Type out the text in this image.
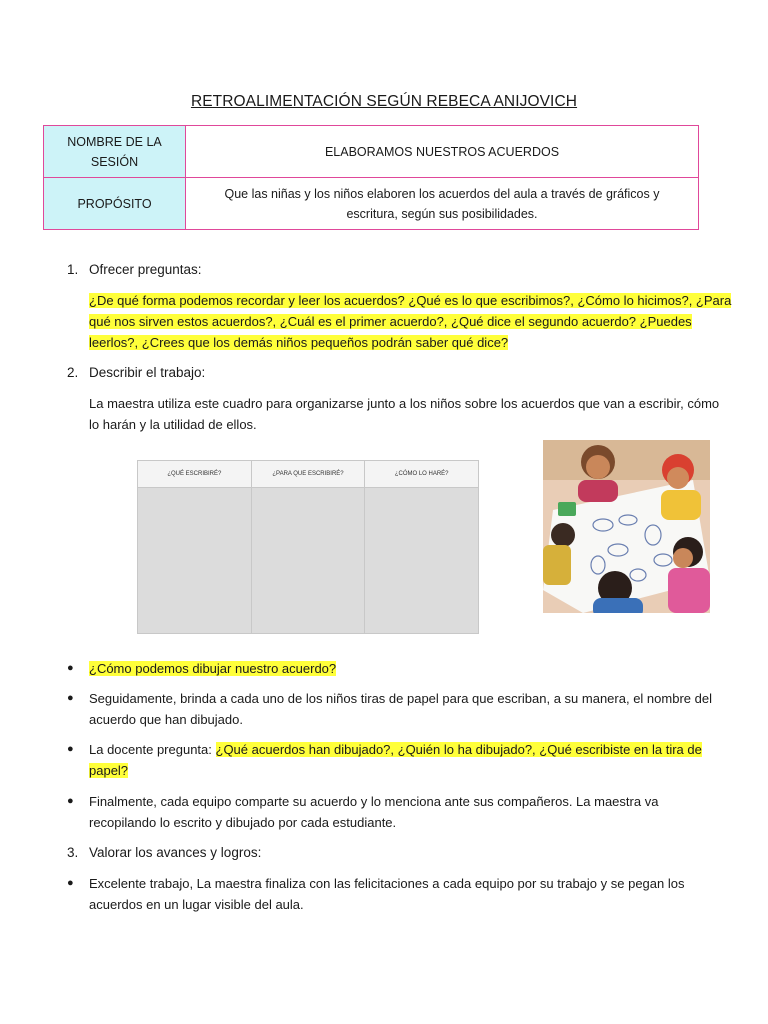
RETROALIMENTACIÓN SEGÚN REBECA ANIJOVICH
NOMBRE DE LA
SESIÓN	ELABORAMOS NUESTROS ACUERDOS
PROPÓSITO	Que las niñas y los niños elaboren los acuerdos del aula a través de gráficos y
escritura, según sus posibilidades.
1. Ofrecer preguntas:
¿De qué forma podemos recordar y leer los acuerdos? ¿Qué es lo que escribimos?, ¿Cómo lo hicimos?, ¿Para
qué nos sirven estos acuerdos?, ¿Cuál es el primer acuerdo?, ¿Qué dice el segundo acuerdo? ¿Puedes
leerlos?, ¿Crees que los demás niños pequeños podrán saber qué dice?
2. Describir el trabajo:
La maestra utiliza este cuadro para organizarse junto a los niños sobre los acuerdos que van a escribir, cómo
lo harán y la utilidad de ellos.
¿QUÉ ESCRIBIRÉ?	¿PARA QUE ESCRIBIRÉ?	¿CÓMO LO HARÉ?
● ¿Cómo podemos dibujar nuestro acuerdo?
● Seguidamente, brinda a cada uno de los niños tiras de papel para que escriban, a su manera, el nombre del
acuerdo que han dibujado.
● La docente pregunta: ¿Qué acuerdos han dibujado?, ¿Quién lo ha dibujado?, ¿Qué escribiste en la tira de
papel?
● Finalmente, cada equipo comparte su acuerdo y lo menciona ante sus compañeros. La maestra va
recopilando lo escrito y dibujado por cada estudiante.
3. Valorar los avances y logros:
● Excelente trabajo, La maestra finaliza con las felicitaciones a cada equipo por su trabajo y se pegan los
acuerdos en un lugar visible del aula.
